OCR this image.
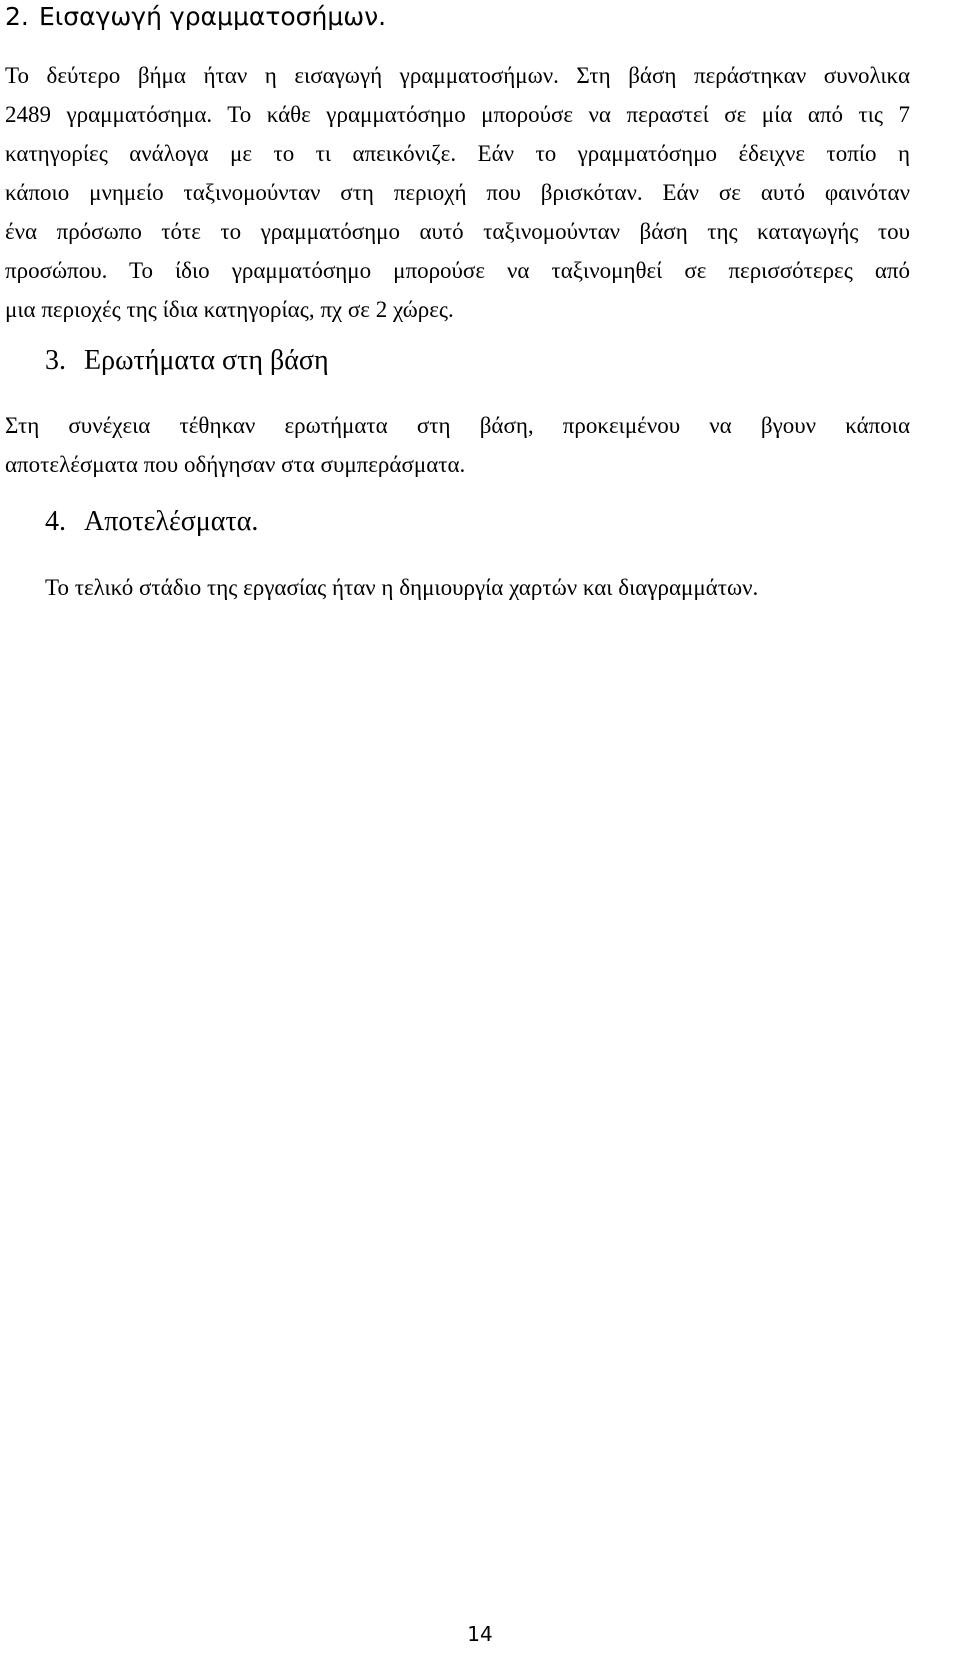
2. Εισαγωγή γραμματοσήμων.
Το δεύτερο βήμα ήταν η εισαγωγή γραμματοσήμων. Στη βάση περάστηκαν συνολικα
2489 γραμματόσημα. Το κάθε γραμματόσημο μπορούσε να περαστεί σε μία από τις 7
κατηγορίες ανάλογα με το τι απεικόνιζε. Εάν το γραμματόσημο έδειχνε τοπίο η
κάποιο μνημείο ταξινομούνταν στη περιοχή που βρισκόταν. Εάν σε αυτό φαινόταν
ένα πρόσωπο τότε το γραμματόσημο αυτό ταξινομούνταν βάση της καταγωγής του
προσώπου. Το ίδιο γραμματόσημο μπορούσε να ταξινομηθεί σε περισσότερες από
μια περιοχές της ίδια κατηγορίας, πχ σε 2 χώρες.
3. Ερωτήματα στη βάση
Στη συνέχεια τέθηκαν ερωτήματα στη βάση, προκειμένου να βγουν κάποια
αποτελέσματα που οδήγησαν στα συμπεράσματα.
4. Αποτελέσματα.

Το τελικό στάδιο της εργασίας ήταν η δημιουργία χαρτών και διαγραμμάτων.

14
